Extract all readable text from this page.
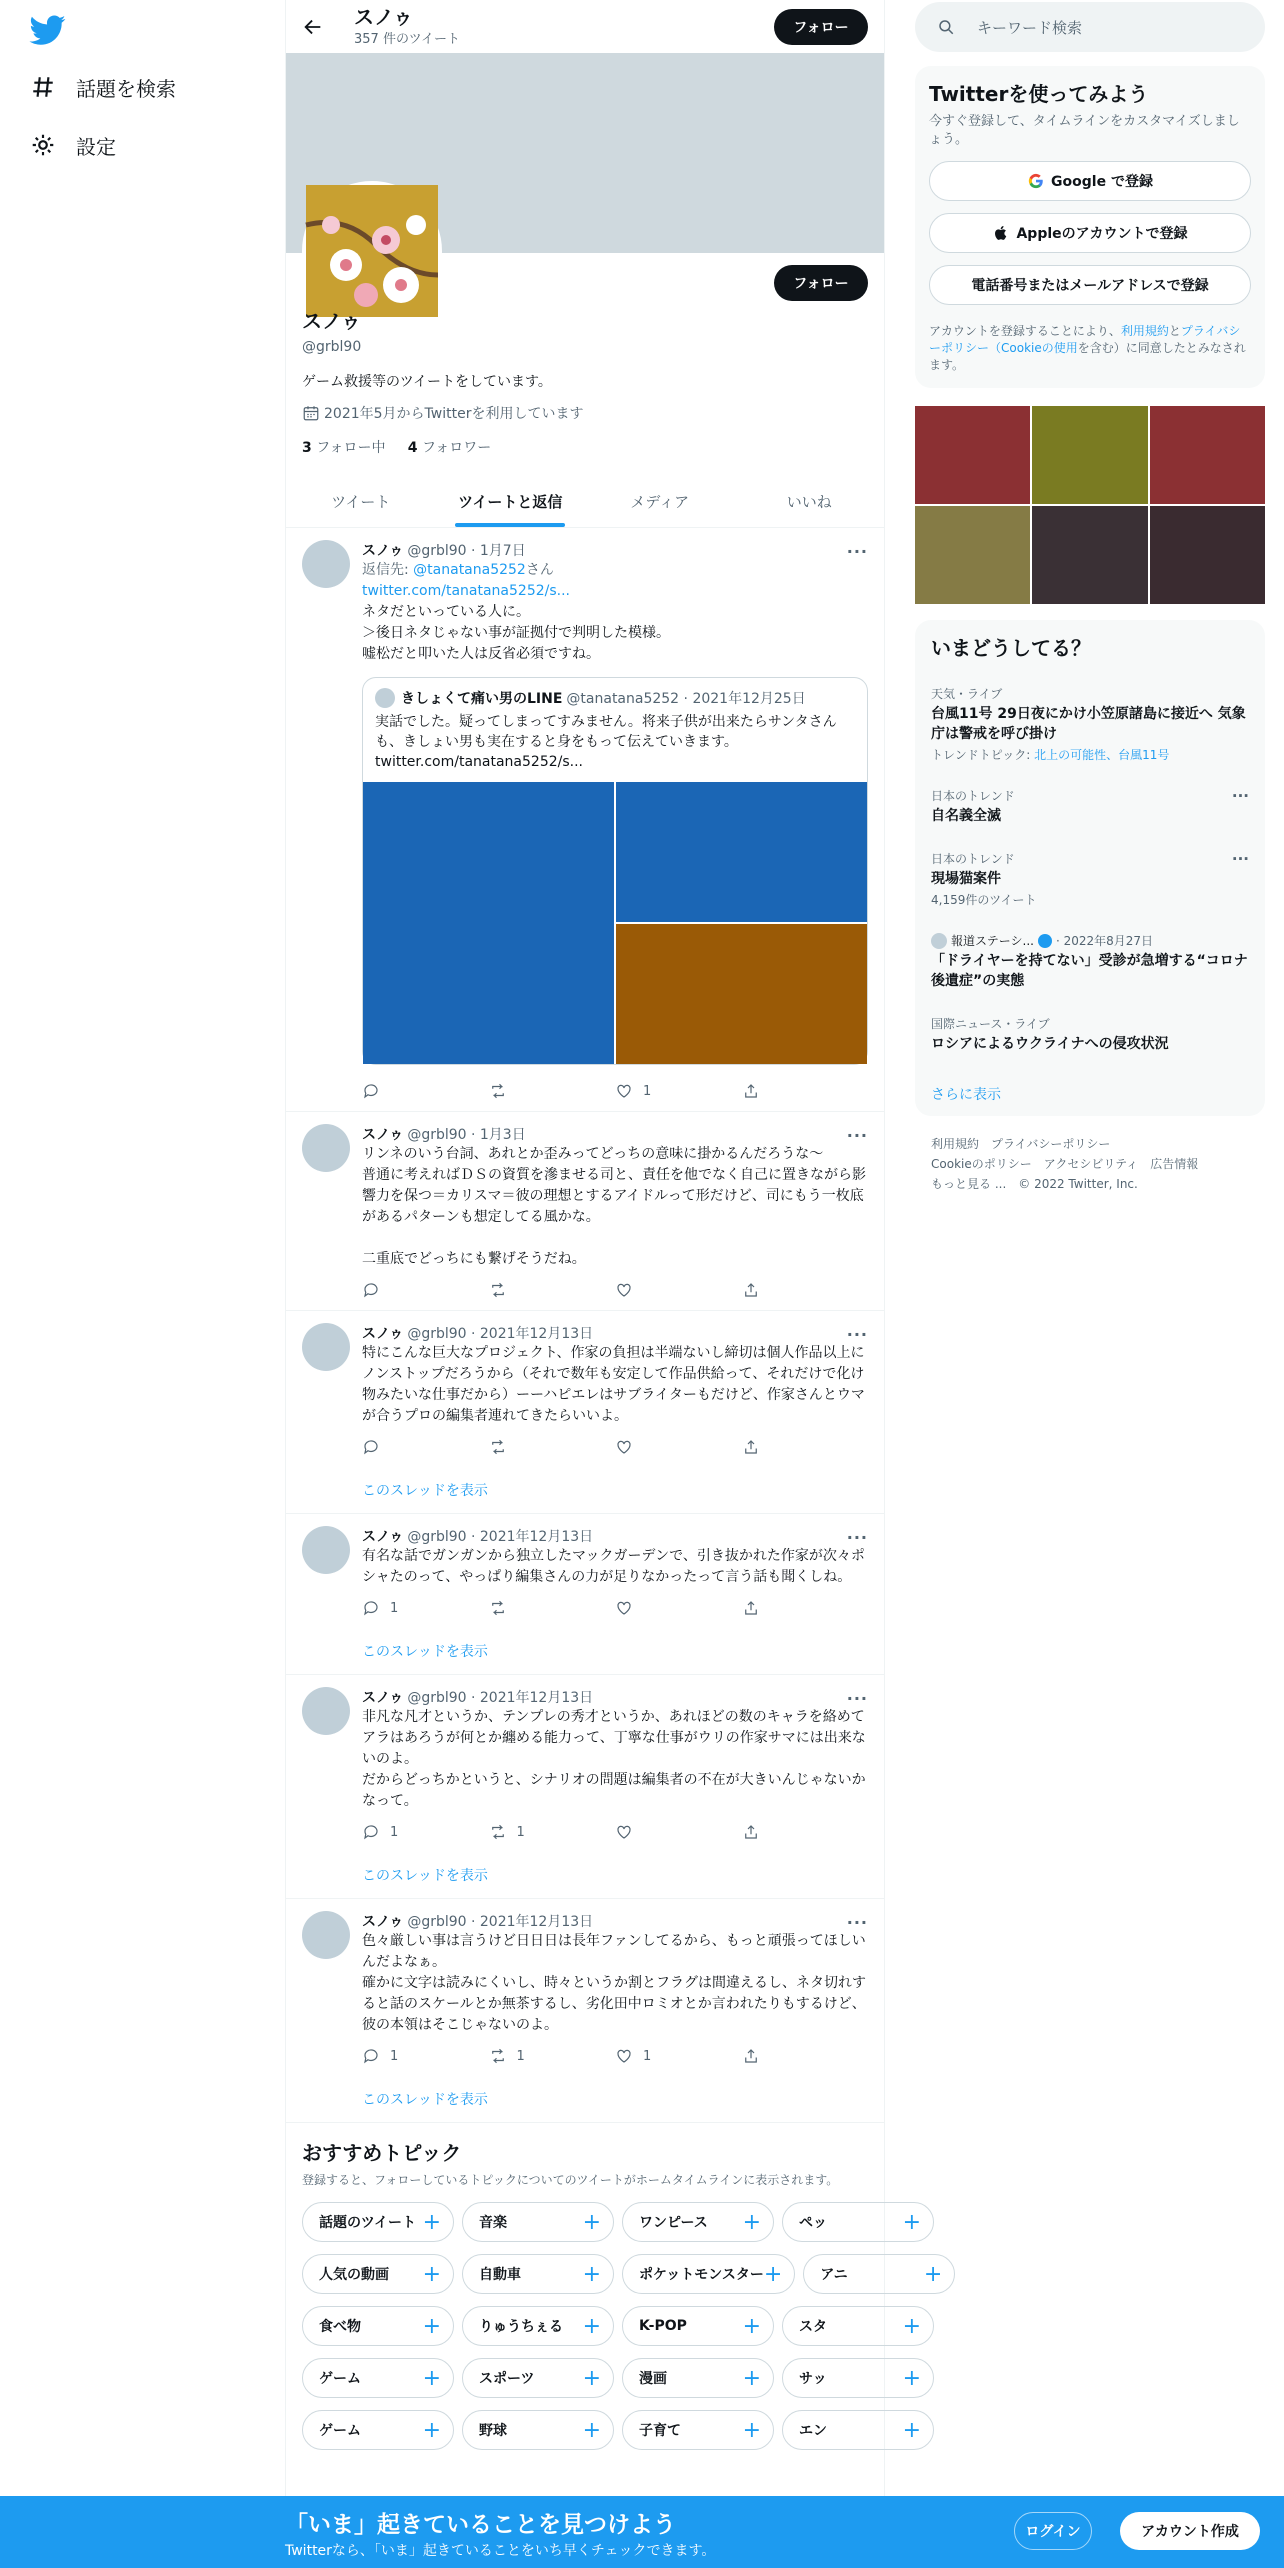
話題を検索
設定
スノゥ
357 件のツイート
フォロー
フォロー
スノゥ
@grbl90
ゲーム救援等のツイートをしています。
2021年5月からTwitterを利用しています
3 フォロー中 4 フォロワー
ツイート	ツイートと返信	メディア	いいね
···
スノゥ @grbl90 · 1月7日
返信先: @tanatana5252さん
twitter.com/tanatana5252/s...
ネタだといっている人に。
＞後日ネタじゃない事が証拠付で判明した模様。
嘘松だと叩いた人は反省必須ですね。
きしょくて痛い男のLINE @tanatana5252 · 2021年12月25日
実話でした。疑ってしまってすみません。将来子供が出来たらサンタさんも、きしょい男も実在すると身をもって伝えていきます。
twitter.com/tanatana5252/s...
1
···
スノゥ @grbl90 · 1月3日
リンネのいう台詞、あれとか歪みってどっちの意味に掛かるんだろうな～
普通に考えればＤＳの資質を滲ませる司と、責任を他でなく自己に置きながら影響力を保つ＝カリスマ＝彼の理想とするアイドルって形だけど、司にもう一枚底があるパターンも想定してる風かな。

二重底でどっちにも繋げそうだね。
···
スノゥ @grbl90 · 2021年12月13日
特にこんな巨大なプロジェクト、作家の負担は半端ないし締切は個人作品以上にノンストップだろうから（それで数年も安定して作品供給って、それだけで化け物みたいな仕事だから）ーーハピエレはサブライターもだけど、作家さんとウマが合うプロの編集者連れてきたらいいよ。
このスレッドを表示
···
スノゥ @grbl90 · 2021年12月13日
有名な話でガンガンから独立したマックガーデンで、引き抜かれた作家が次々ポシャたのって、やっぱり編集さんの力が足りなかったって言う話も聞くしね。
1
このスレッドを表示
···
スノゥ @grbl90 · 2021年12月13日
非凡な凡才というか、テンプレの秀才というか、あれほどの数のキャラを絡めてアラはあろうが何とか纏める能力って、丁寧な仕事がウリの作家サマには出来ないのよ。
だからどっちかというと、シナリオの問題は編集者の不在が大きいんじゃないかなって。
1	1
このスレッドを表示
···
スノゥ @grbl90 · 2021年12月13日
色々厳しい事は言うけど日日日は長年ファンしてるから、もっと頑張ってほしいんだよなぁ。
確かに文字は読みにくいし、時々というか割とフラグは間違えるし、ネタ切れすると話のスケールとか無茶するし、劣化田中ロミオとか言われたりもするけど、彼の本領はそこじゃないのよ。
1	1	1
このスレッドを表示
おすすめトピック
登録すると、フォローしているトピックについてのツイートがホームタイムラインに表示されます。
話題のツイート +	音楽	+	ワンピース +	ペッ	+
人気の動画 +	自動車	+	ポケットモンスター +	アニ	+
食べ物	+	りゅうちぇる +	K-POP	+	スタ	+
ゲーム	+	スポーツ +	漫画	+	サッ	+
ゲーム	+	野球	+	子育て	+	エン	+
キーワード検索
Twitterを使ってみよう
今すぐ登録して、タイムラインをカスタマイズしましょう。
Google で登録
Appleのアカウントで登録
電話番号またはメールアドレスで登録
アカウントを登録することにより、利用規約とプライバシーポリシー（Cookieの使用を含む）に同意したとみなされます。
いまどうしてる？
天気・ライブ
台風11号 29日夜にかけ小笠原諸島に接近へ 気象庁は警戒を呼び掛け
トレンドトピック: 北上の可能性、台風11号
日本のトレンド
自名義全滅
···
日本のトレンド
現場猫案件
4,159件のツイート
···
報道ステーシ... · 2022年8月27日
「ドライヤーを持てない」受診が急増する“コロナ後遺症”の実態
国際ニュース・ライブ
ロシアによるウクライナへの侵攻状況
さらに表示
利用規約 プライバシーポリシー
Cookieのポリシー アクセシビリティ 広告情報
もっと見る ... © 2022 Twitter, Inc.
「いま」起きていることを見つけよう
Twitterなら、「いま」起きていることをいち早くチェックできます。
ログイン	アカウント作成
